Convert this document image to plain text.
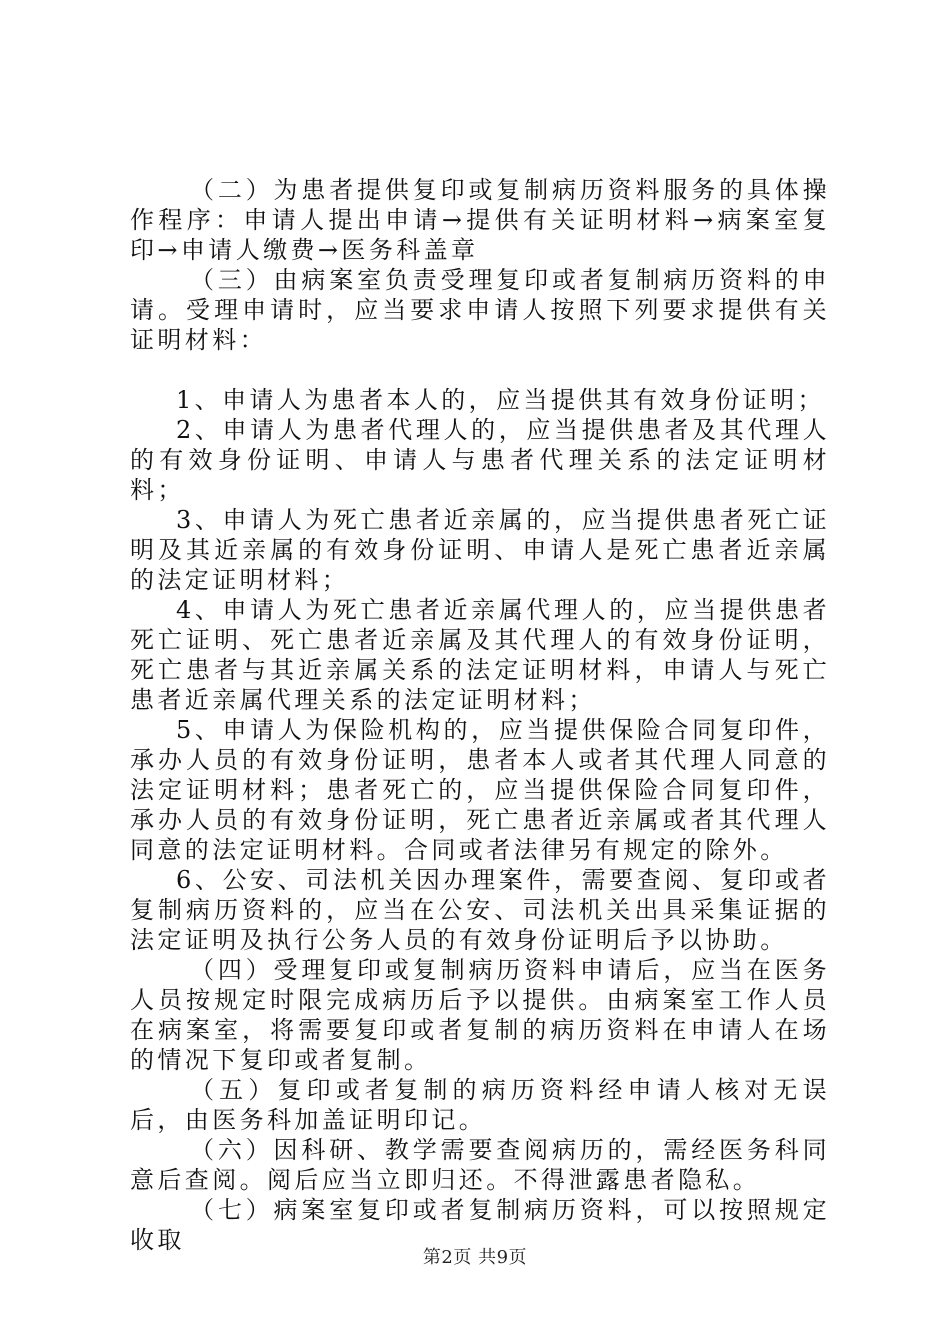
（二）为患者提供复印或复制病历资料服务的具体操作程序：申请人提出申请→提供有关证明材料→病案室复印→申请人缴费→医务科盖章

（三）由病案室负责受理复印或者复制病历资料的申请。受理申请时，应当要求申请人按照下列要求提供有关证明材料：

1、申请人为患者本人的，应当提供其有效身份证明；

2、申请人为患者代理人的，应当提供患者及其代理人的有效身份证明、申请人与患者代理关系的法定证明材料；

3、申请人为死亡患者近亲属的，应当提供患者死亡证明及其近亲属的有效身份证明、申请人是死亡患者近亲属的法定证明材料；

4、申请人为死亡患者近亲属代理人的，应当提供患者死亡证明、死亡患者近亲属及其代理人的有效身份证明，死亡患者与其近亲属关系的法定证明材料，申请人与死亡患者近亲属代理关系的法定证明材料；

5、申请人为保险机构的，应当提供保险合同复印件，承办人员的有效身份证明，患者本人或者其代理人同意的法定证明材料；患者死亡的，应当提供保险合同复印件，承办人员的有效身份证明，死亡患者近亲属或者其代理人同意的法定证明材料。合同或者法律另有规定的除外。

6、公安、司法机关因办理案件，需要查阅、复印或者复制病历资料的，应当在公安、司法机关出具采集证据的法定证明及执行公务人员的有效身份证明后予以协助。

（四）受理复印或复制病历资料申请后，应当在医务人员按规定时限完成病历后予以提供。由病案室工作人员在病案室，将需要复印或者复制的病历资料在申请人在场的情况下复印或者复制。

（五）复印或者复制的病历资料经申请人核对无误后，由医务科加盖证明印记。

（六）因科研、教学需要查阅病历的，需经医务科同意后查阅。阅后应当立即归还。不得泄露患者隐私。

（七）病案室复印或者复制病历资料，可以按照规定收取

第2页 共9页
